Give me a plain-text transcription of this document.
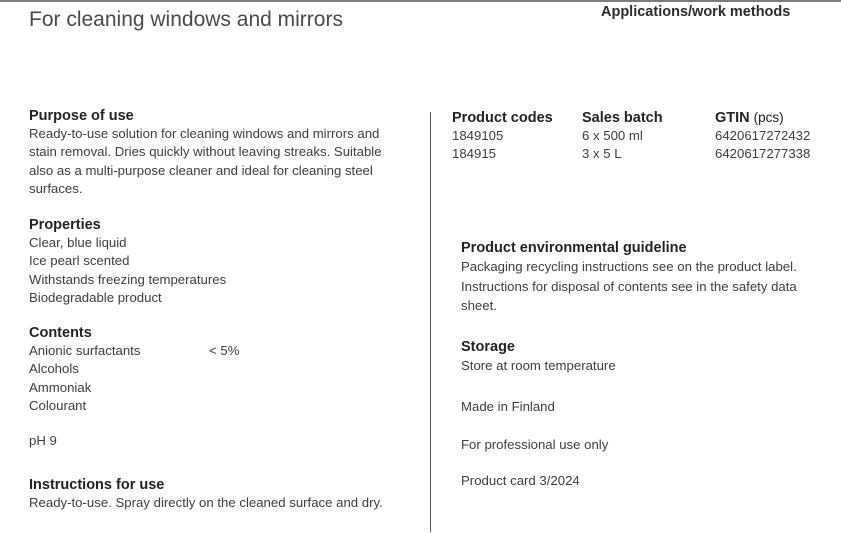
For cleaning windows and mirrors	Applications/work methods
Purpose of use
Ready-to-use solution for cleaning windows and mirrors and
stain removal. Dries quickly without leaving streaks. Suitable
also as a multi-purpose cleaner and ideal for cleaning steel
surfaces.
Properties
Clear, blue liquid
Ice pearl scented
Withstands freezing temperatures
Biodegradable product
Contents
Anionic surfactants	< 5%
Alcohols
Ammoniak
Colourant
pH 9
Instructions for use
Ready-to-use. Spray directly on the cleaned surface and dry.
Product codes
1849105
184915
Sales batch
6 x 500 ml
3 x 5 L
GTIN (pcs)
6420617272432
6420617277338
Product environmental guideline
Packaging recycling instructions see on the product label.
Instructions for disposal of contents see in the safety data
sheet.
Storage
Store at room temperature
Made in Finland
For professional use only
Product card 3/2024
